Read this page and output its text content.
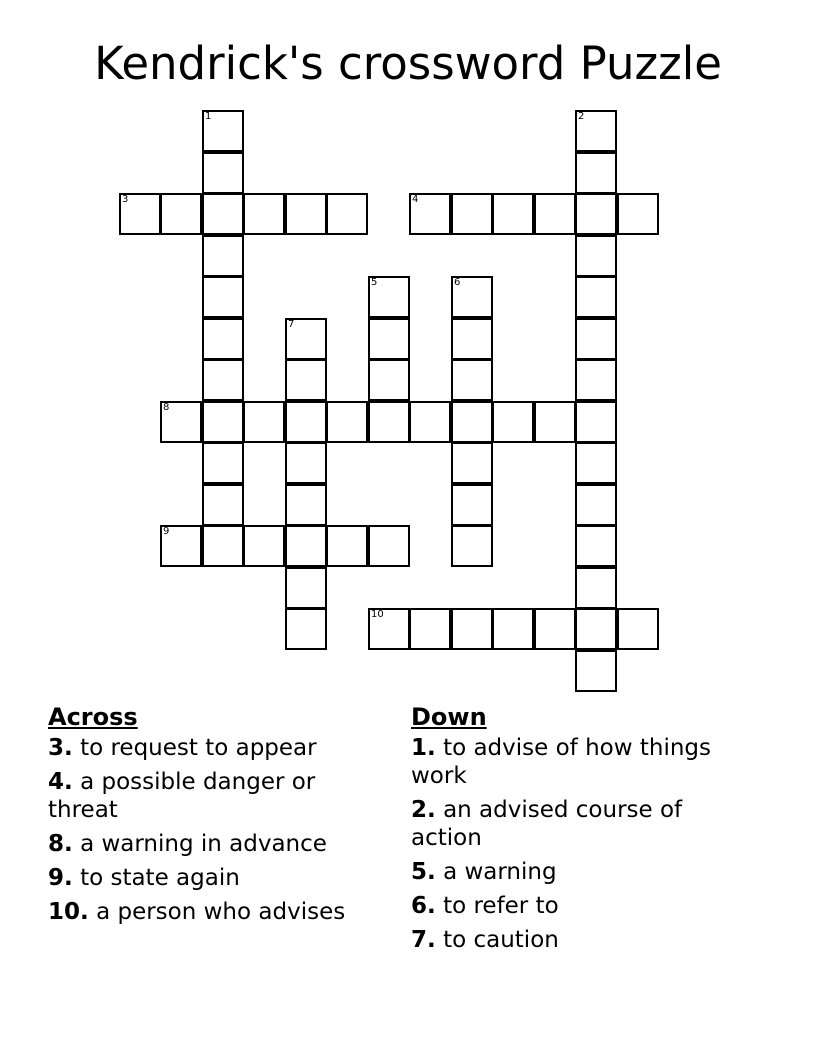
Kendrick's crossword Puzzle
1	2
3	4
5	6
7
8
9
10
Across
3. to request to appear
4. a possible danger or threat
8. a warning in advance
9. to state again
10. a person who advises
Down
1. to advise of how things work
2. an advised course of action
5. a warning
6. to refer to
7. to caution
